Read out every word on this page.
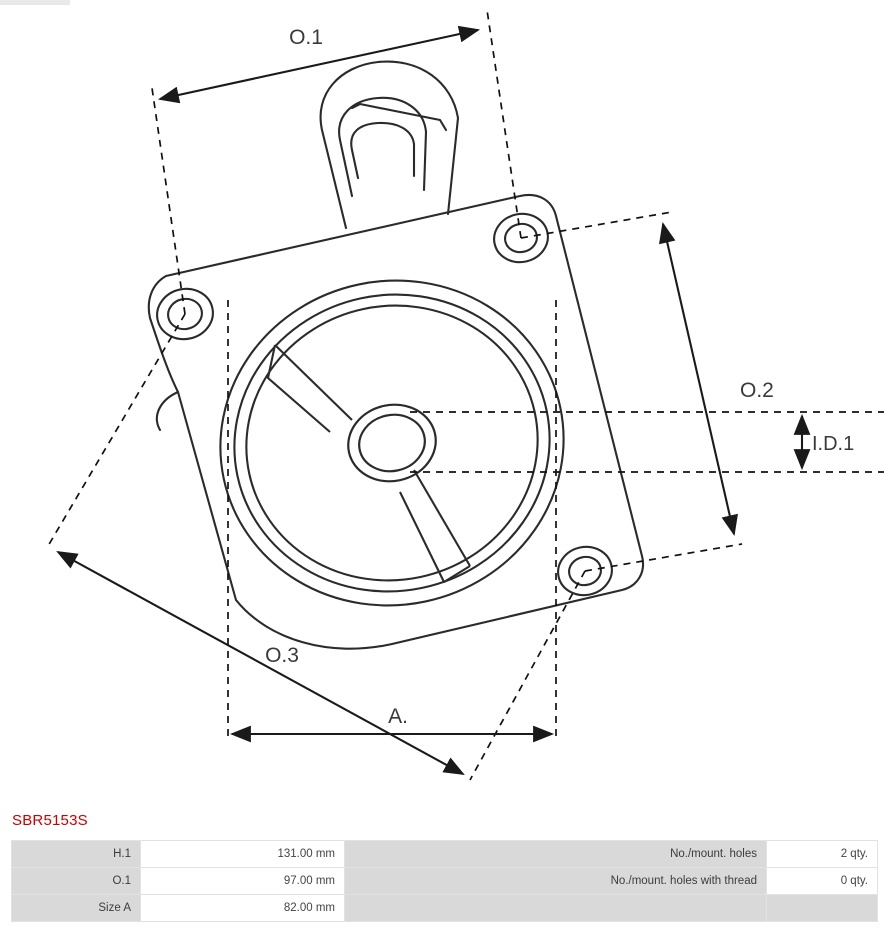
O.1
O.2
I.D.1
O.3
A.
SBR5153S
H.1	131.00 mm	No./mount. holes	2 qty.
O.1	97.00 mm	No./mount. holes with thread	0 qty.
Size A	82.00 mm		
